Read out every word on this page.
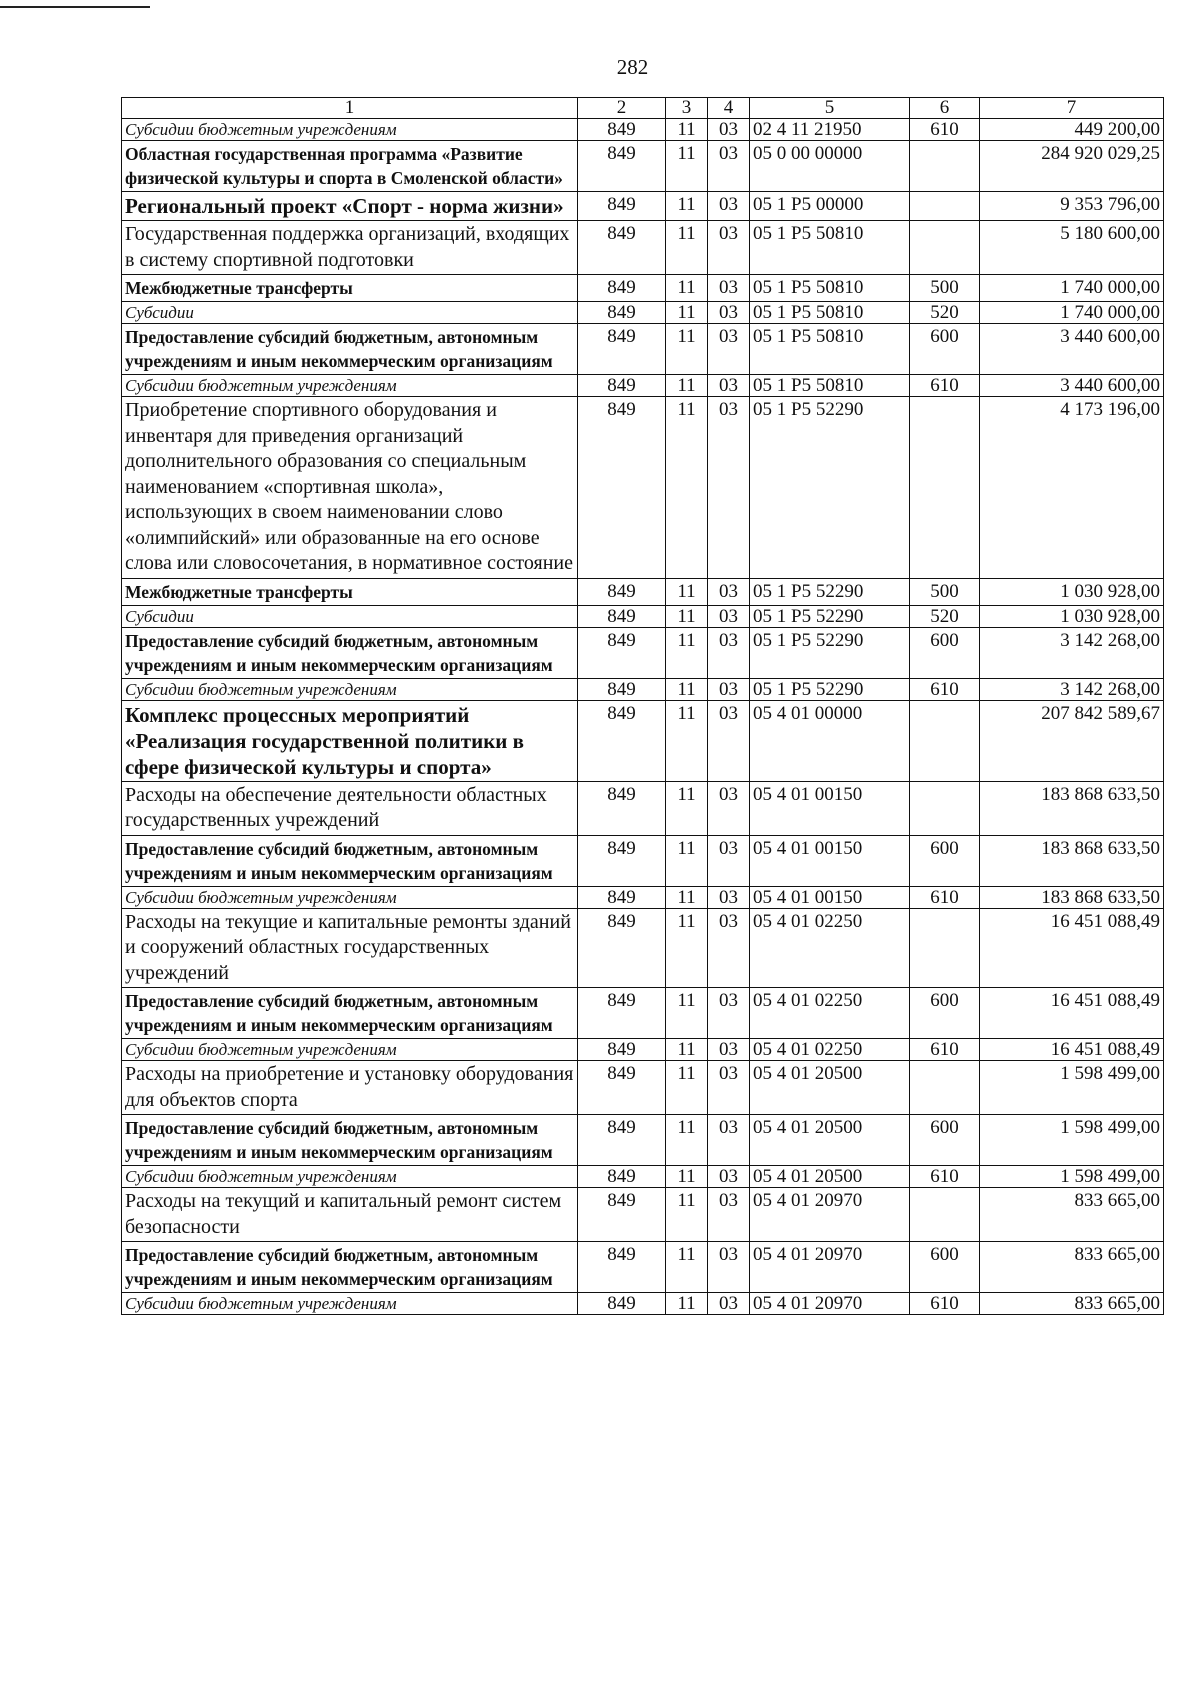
282
1	2	3	4	5	6	7
Субсидии бюджетным учреждениям	849	11	03	02 4 11 21950	610	449 200,00
Областная государственная программа «Развитие физической культуры и спорта в Смоленской области»	849	11	03	05 0 00 00000		284 920 029,25
Региональный проект «Спорт - норма жизни»	849	11	03	05 1 Р5 00000		9 353 796,00
Государственная поддержка организаций, входящих в систему спортивной подготовки	849	11	03	05 1 Р5 50810		5 180 600,00
Межбюджетные трансферты	849	11	03	05 1 Р5 50810	500	1 740 000,00
Субсидии	849	11	03	05 1 Р5 50810	520	1 740 000,00
Предоставление субсидий бюджетным, автономным учреждениям и иным некоммерческим организациям	849	11	03	05 1 Р5 50810	600	3 440 600,00
Субсидии бюджетным учреждениям	849	11	03	05 1 Р5 50810	610	3 440 600,00
Приобретение спортивного оборудования и инвентаря для приведения организаций дополнительного образования со специальным наименованием «спортивная школа», использующих в своем наименовании слово «олимпийский» или образованные на его основе слова или словосочетания, в нормативное состояние	849	11	03	05 1 Р5 52290		4 173 196,00
Межбюджетные трансферты	849	11	03	05 1 Р5 52290	500	1 030 928,00
Субсидии	849	11	03	05 1 Р5 52290	520	1 030 928,00
Предоставление субсидий бюджетным, автономным учреждениям и иным некоммерческим организациям	849	11	03	05 1 Р5 52290	600	3 142 268,00
Субсидии бюджетным учреждениям	849	11	03	05 1 Р5 52290	610	3 142 268,00
Комплекс процессных мероприятий «Реализация государственной политики в сфере физической культуры и спорта»	849	11	03	05 4 01 00000		207 842 589,67
Расходы на обеспечение деятельности областных государственных учреждений	849	11	03	05 4 01 00150		183 868 633,50
Предоставление субсидий бюджетным, автономным учреждениям и иным некоммерческим организациям	849	11	03	05 4 01 00150	600	183 868 633,50
Субсидии бюджетным учреждениям	849	11	03	05 4 01 00150	610	183 868 633,50
Расходы на текущие и капитальные ремонты зданий и сооружений областных государственных учреждений	849	11	03	05 4 01 02250		16 451 088,49
Предоставление субсидий бюджетным, автономным учреждениям и иным некоммерческим организациям	849	11	03	05 4 01 02250	600	16 451 088,49
Субсидии бюджетным учреждениям	849	11	03	05 4 01 02250	610	16 451 088,49
Расходы на приобретение и установку оборудования для объектов спорта	849	11	03	05 4 01 20500		1 598 499,00
Предоставление субсидий бюджетным, автономным учреждениям и иным некоммерческим организациям	849	11	03	05 4 01 20500	600	1 598 499,00
Субсидии бюджетным учреждениям	849	11	03	05 4 01 20500	610	1 598 499,00
Расходы на текущий и капитальный ремонт систем безопасности	849	11	03	05 4 01 20970		833 665,00
Предоставление субсидий бюджетным, автономным учреждениям и иным некоммерческим организациям	849	11	03	05 4 01 20970	600	833 665,00
Субсидии бюджетным учреждениям	849	11	03	05 4 01 20970	610	833 665,00
